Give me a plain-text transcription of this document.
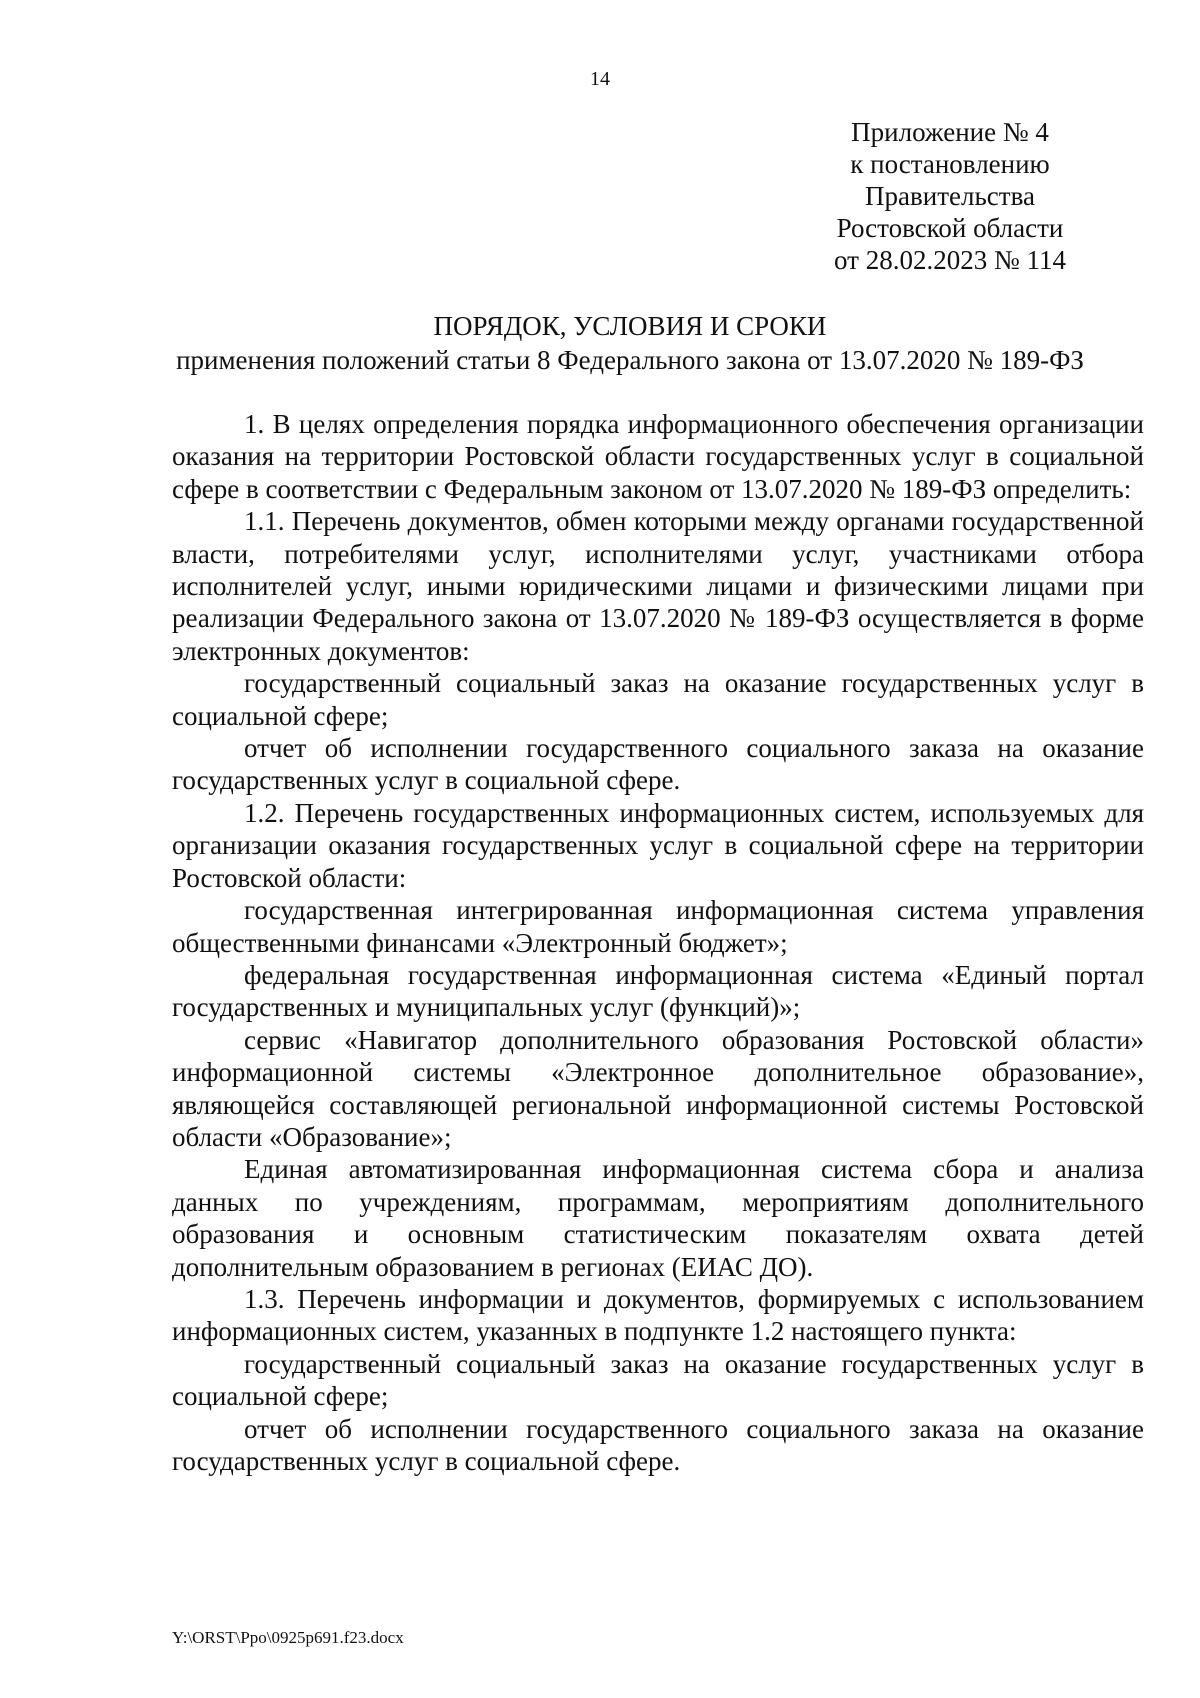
14
Приложение № 4
к постановлению
Правительства
Ростовской области
от 28.02.2023 № 114
ПОРЯДОК, УСЛОВИЯ И СРОКИ
применения положений статьи 8 Федерального закона от 13.07.2020 № 189-ФЗ

1. В целях определения порядка информационного обеспечения организации оказания на территории Ростовской области государственных услуг в социальной сфере в соответствии с Федеральным законом от 13.07.2020 № 189-ФЗ определить:

1.1. Перечень документов, обмен которыми между органами государственной власти, потребителями услуг, исполнителями услуг, участниками отбора исполнителей услуг, иными юридическими лицами и физическими лицами при реализации Федерального закона от 13.07.2020 № 189-ФЗ осуществляется в форме электронных документов:

государственный социальный заказ на оказание государственных услуг в социальной сфере;

отчет об исполнении государственного социального заказа на оказание государственных услуг в социальной сфере.

1.2. Перечень государственных информационных систем, используемых для организации оказания государственных услуг в социальной сфере на территории Ростовской области:

государственная интегрированная информационная система управления общественными финансами «Электронный бюджет»;

федеральная государственная информационная система «Единый портал государственных и муниципальных услуг (функций)»;

сервис «Навигатор дополнительного образования Ростовской области» информационной системы «Электронное дополнительное образование», являющейся составляющей региональной информационной системы Ростовской области «Образование»;

Единая автоматизированная информационная система сбора и анализа данных по учреждениям, программам, мероприятиям дополнительного образования и основным статистическим показателям охвата детей дополнительным образованием в регионах (ЕИАС ДО).

1.3. Перечень информации и документов, формируемых с использованием информационных систем, указанных в подпункте 1.2 настоящего пункта:

государственный социальный заказ на оказание государственных услуг в социальной сфере;

отчет об исполнении государственного социального заказа на оказание государственных услуг в социальной сфере.

Y:\ORST\Ppo\0925p691.f23.docx
